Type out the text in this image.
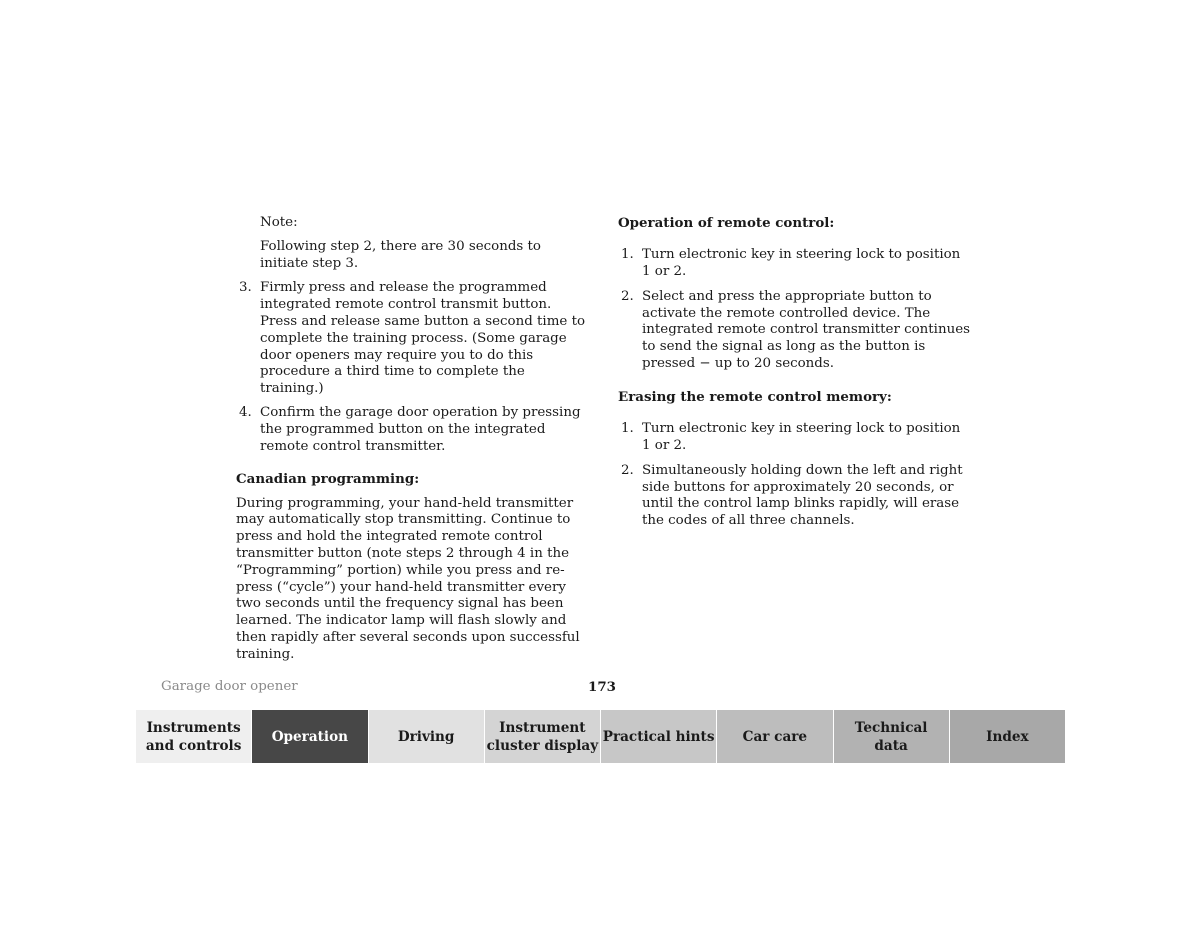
Note:

Following step 2, there are 30 seconds to initiate step 3.

3. Firmly press and release the programmed integrated remote control transmit button. Press and release same button a second time to complete the training process. (Some garage door openers may require you to do this procedure a third time to complete the training.)
4. Confirm the garage door operation by pressing the programmed button on the integrated remote control transmitter.

Canadian programming:

During programming, your hand-held transmitter may automatically stop transmitting. Continue to press and hold the integrated remote control transmitter button (note steps 2 through 4 in the “Programming” portion) while you press and re-press (“cycle”) your hand-held transmitter every two seconds until the frequency signal has been learned. The indicator lamp will flash slowly and then rapidly after several seconds upon successful training.

Operation of remote control:

1. Turn electronic key in steering lock to position 1 or 2.
2. Select and press the appropriate button to activate the remote controlled device. The integrated remote control transmitter continues to send the signal as long as the button is pressed − up to 20 seconds.

Erasing the remote control memory:

1. Turn electronic key in steering lock to position 1 or 2.
2. Simultaneously holding down the left and right side buttons for approximately 20 seconds, or until the control lamp blinks rapidly, will erase the codes of all three channels.
Garage door opener	173
Instruments
and controls
Operation	Driving
Instrument
cluster display
Practical hints	Car care
Technical
data
Index
